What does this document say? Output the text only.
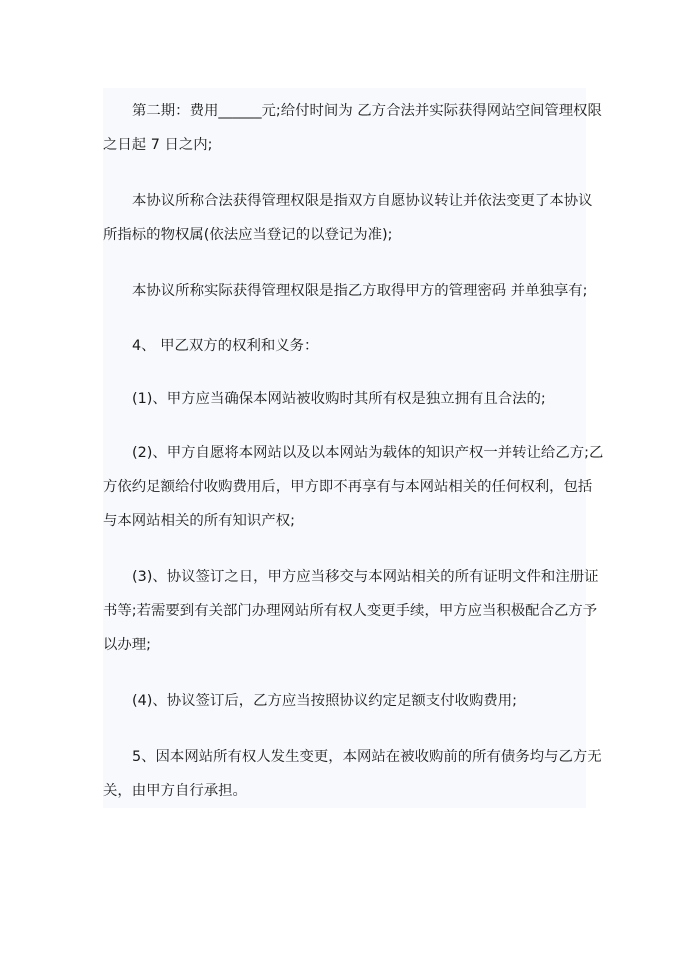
第二期：费用______元;给付时间为 乙方合法并实际获得网站空间管理权限
之日起 7 日之内;

本协议所称合法获得管理权限是指双方自愿协议转让并依法变更了本协议
所指标的物权属(依法应当登记的以登记为准);

本协议所称实际获得管理权限是指乙方取得甲方的管理密码 并单独享有;

4、 甲乙双方的权利和义务：

(1)、甲方应当确保本网站被收购时其所有权是独立拥有且合法的;

(2)、甲方自愿将本网站以及以本网站为载体的知识产权一并转让给乙方;乙
方依约足额给付收购费用后，甲方即不再享有与本网站相关的任何权利，包括
与本网站相关的所有知识产权;

(3)、协议签订之日，甲方应当移交与本网站相关的所有证明文件和注册证
书等;若需要到有关部门办理网站所有权人变更手续，甲方应当积极配合乙方予
以办理;

(4)、协议签订后，乙方应当按照协议约定足额支付收购费用;

5、因本网站所有权人发生变更，本网站在被收购前的所有债务均与乙方无
关，由甲方自行承担。
